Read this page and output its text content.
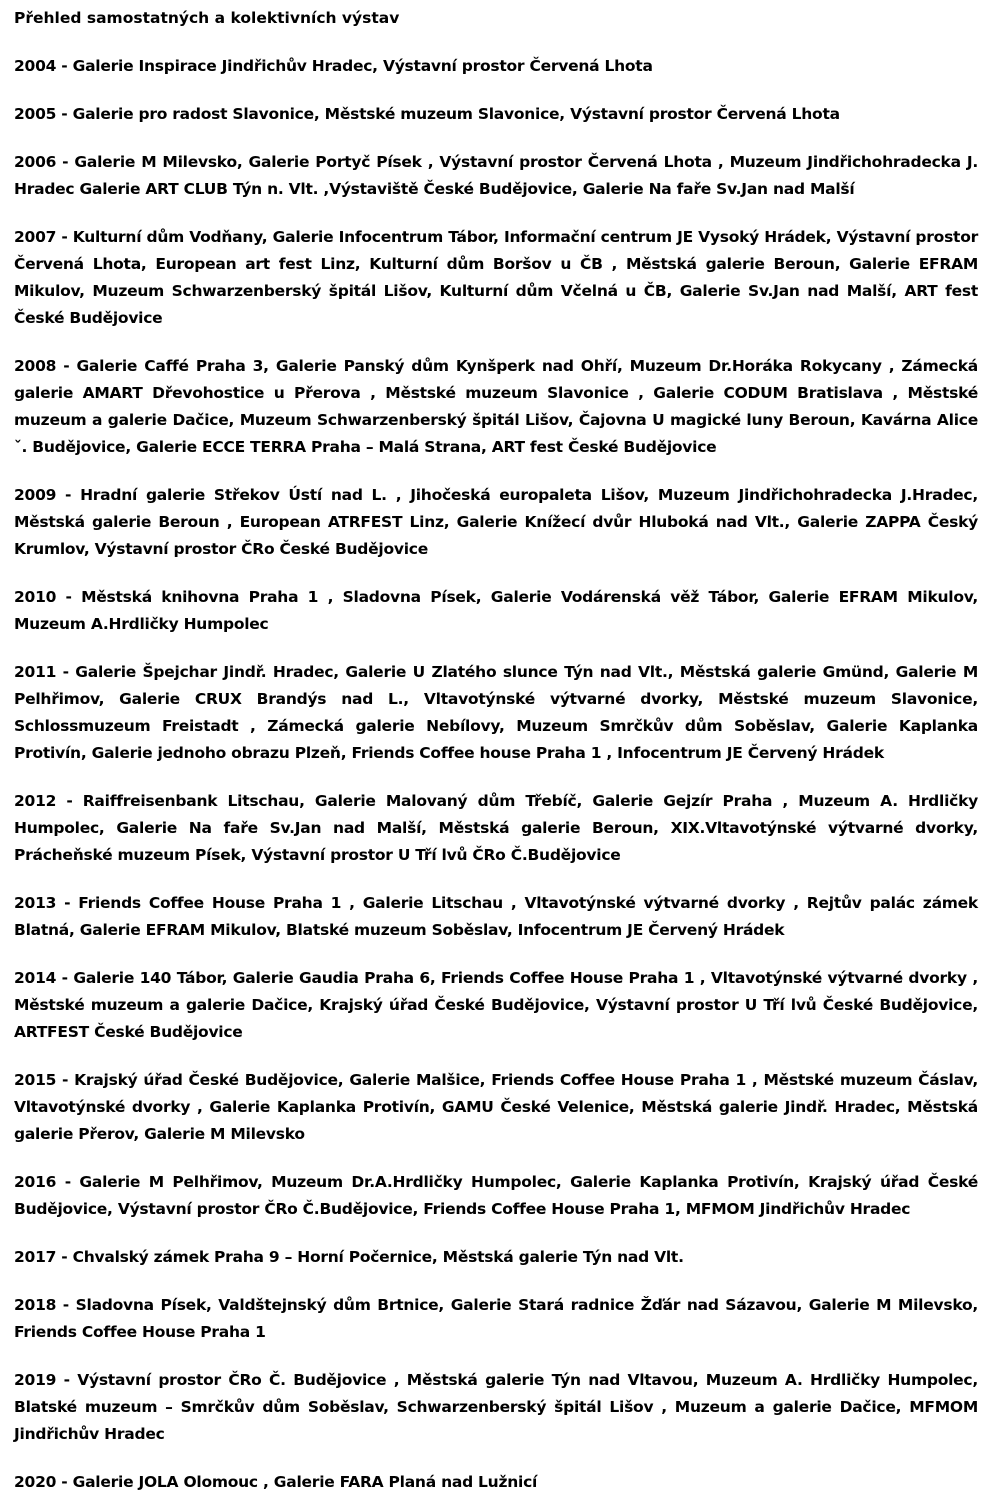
Přehled samostatných a kolektivních výstav
2004 - Galerie Inspirace Jindřichův Hradec, Výstavní prostor Červená Lhota
2005 - Galerie pro radost Slavonice, Městské muzeum Slavonice, Výstavní prostor Červená Lhota
2006 - Galerie M Milevsko, Galerie Portyč Písek , Výstavní prostor Červená Lhota , Muzeum Jindřichohradecka J. Hradec Galerie ART CLUB Týn n. Vlt. ,Výstaviště České Budějovice, Galerie Na faře Sv.Jan nad Malší
2007 - Kulturní dům Vodňany, Galerie Infocentrum Tábor, Informační centrum JE Vysoký Hrádek, Výstavní prostor Červená Lhota, European art fest Linz, Kulturní dům Boršov u ČB , Městská galerie Beroun, Galerie EFRAM Mikulov, Muzeum Schwarzenberský špitál Lišov, Kulturní dům Včelná u ČB, Galerie Sv.Jan nad Malší, ART fest České Budějovice
2008 - Galerie Caffé Praha 3, Galerie Panský dům Kynšperk nad Ohří, Muzeum Dr.Horáka Rokycany , Zámecká galerie AMART Dřevohostice u Přerova , Městské muzeum Slavonice , Galerie CODUM Bratislava , Městské muzeum a galerie Dačice, Muzeum Schwarzenberský špitál Lišov, Čajovna U magické luny Beroun, Kavárna Alice ˇ. Budějovice, Galerie ECCE TERRA Praha – Malá Strana, ART fest České Budějovice
2009 - Hradní galerie Střekov Ústí nad L. , Jihočeská europaleta Lišov, Muzeum Jindřichohradecka J.Hradec, Městská galerie Beroun , European ATRFEST Linz, Galerie Knížecí dvůr Hluboká nad Vlt., Galerie ZAPPA Český Krumlov, Výstavní prostor ČRo České Budějovice
2010 - Městská knihovna Praha 1 , Sladovna Písek, Galerie Vodárenská věž Tábor, Galerie EFRAM Mikulov, Muzeum A.Hrdličky Humpolec
2011 - Galerie Špejchar Jindř. Hradec, Galerie U Zlatého slunce Týn nad Vlt., Městská galerie Gmünd, Galerie M Pelhřimov, Galerie CRUX Brandýs nad L., Vltavotýnské výtvarné dvorky, Městské muzeum Slavonice, Schlossmuzeum Freistadt , Zámecká galerie Nebílovy, Muzeum Smrčkův dům Soběslav, Galerie Kaplanka Protivín, Galerie jednoho obrazu Plzeň, Friends Coffee house Praha 1 , Infocentrum JE Červený Hrádek
2012 - Raiffreisenbank Litschau, Galerie Malovaný dům Třebíč, Galerie Gejzír Praha , Muzeum A. Hrdličky Humpolec, Galerie Na faře Sv.Jan nad Malší, Městská galerie Beroun, XIX.Vltavotýnské výtvarné dvorky, Prácheňské muzeum Písek, Výstavní prostor U Tří lvů ČRo Č.Budějovice
2013 - Friends Coffee House Praha 1 , Galerie Litschau , Vltavotýnské výtvarné dvorky , Rejtův palác zámek Blatná, Galerie EFRAM Mikulov, Blatské muzeum Soběslav, Infocentrum JE Červený Hrádek
2014 - Galerie 140 Tábor, Galerie Gaudia Praha 6, Friends Coffee House Praha 1 , Vltavotýnské výtvarné dvorky , Městské muzeum a galerie Dačice, Krajský úřad České Budějovice, Výstavní prostor U Tří lvů České Budějovice, ARTFEST České Budějovice
2015 - Krajský úřad České Budějovice, Galerie Malšice, Friends Coffee House Praha 1 , Městské muzeum Čáslav, Vltavotýnské dvorky , Galerie Kaplanka Protivín, GAMU České Velenice, Městská galerie Jindř. Hradec, Městská galerie Přerov, Galerie M Milevsko
2016 - Galerie M Pelhřimov, Muzeum Dr.A.Hrdličky Humpolec, Galerie Kaplanka Protivín, Krajský úřad České Budějovice, Výstavní prostor ČRo Č.Budějovice, Friends Coffee House Praha 1, MFMOM Jindřichův Hradec
2017 - Chvalský zámek Praha 9 – Horní Počernice, Městská galerie Týn nad Vlt.
2018 - Sladovna Písek, Valdštejnský dům Brtnice, Galerie Stará radnice Žďár nad Sázavou, Galerie M Milevsko, Friends Coffee House Praha 1
2019 - Výstavní prostor ČRo Č. Budějovice , Městská galerie Týn nad Vltavou, Muzeum A. Hrdličky Humpolec, Blatské muzeum – Smrčkův dům Soběslav, Schwarzenberský špitál Lišov , Muzeum a galerie Dačice, MFMOM Jindřichův Hradec
2020 - Galerie JOLA Olomouc , Galerie FARA Planá nad Lužnicí
